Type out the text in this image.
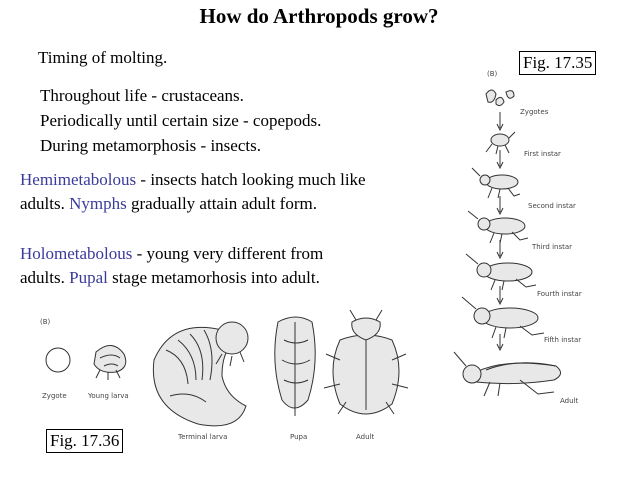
How do Arthropods grow?
Timing of molting.
Throughout life - crustaceans.
Periodically until certain size - copepods.
During metamorphosis - insects.
Hemimetabolous - insects hatch looking much like
adults. Nymphs gradually attain adult form.
Holometabolous - young very different from
adults. Pupal stage metamorhosis into adult.
Fig. 17.35
Fig. 17.36
(B)
Zygotes
First instar
Second instar
Third instar
Fourth instar
Fifth instar
Adult
(B)
Zygote	Young larva
Terminal larva	Pupa	Adult
